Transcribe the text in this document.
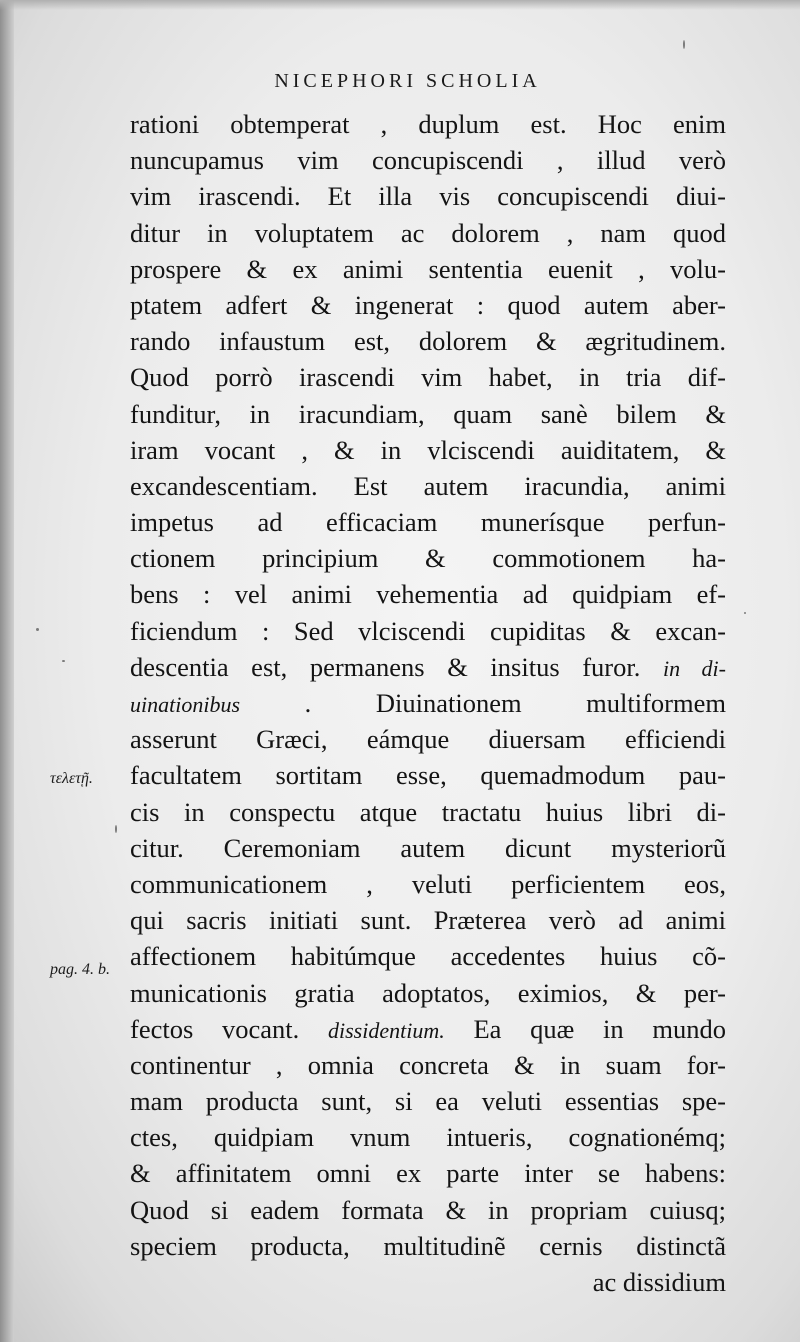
NICEPHORI SCHOLIA
τελετῇ.
pag. 4. b.
rationi obtemperat , duplum est. Hoc enim
nuncupamus vim concupiscendi , illud verò
vim irascendi. Et illa vis concupiscendi diui-
ditur in voluptatem ac dolorem , nam quod
prospere & ex animi sententia euenit , volu-
ptatem adfert & ingenerat : quod autem aber-
rando infaustum est, dolorem & ægritudinem.
Quod porrò irascendi vim habet, in tria dif-
funditur, in iracundiam, quam sanè bilem &
iram vocant , & in vlciscendi auiditatem, &
excandescentiam. Est autem iracundia, animi
impetus ad efficaciam munerísque perfun-
ctionem principium & commotionem ha-
bens : vel animi vehementia ad quidpiam ef-
ficiendum : Sed vlciscendi cupiditas & excan-
descentia est, permanens & insitus furor. in di-
uinationibus . Diuinationem multiformem
asserunt Græci, eámque diuersam efficiendi
facultatem sortitam esse, quemadmodum pau-
cis in conspectu atque tractatu huius libri di-
citur. Ceremoniam autem dicunt mysteriorũ
communicationem , veluti perficientem eos,
qui sacris initiati sunt. Præterea verò ad animi
affectionem habitúmque accedentes huius cõ-
municationis gratia adoptatos, eximios, & per-
fectos vocant. dissidentium. Ea quæ in mundo
continentur , omnia concreta & in suam for-
mam producta sunt, si ea veluti essentias spe-
ctes, quidpiam vnum intueris, cognationémq;
& affinitatem omni ex parte inter se habens:
Quod si eadem formata & in propriam cuiusq;
speciem producta, multitudinẽ cernis distinctã
ac dissidium
